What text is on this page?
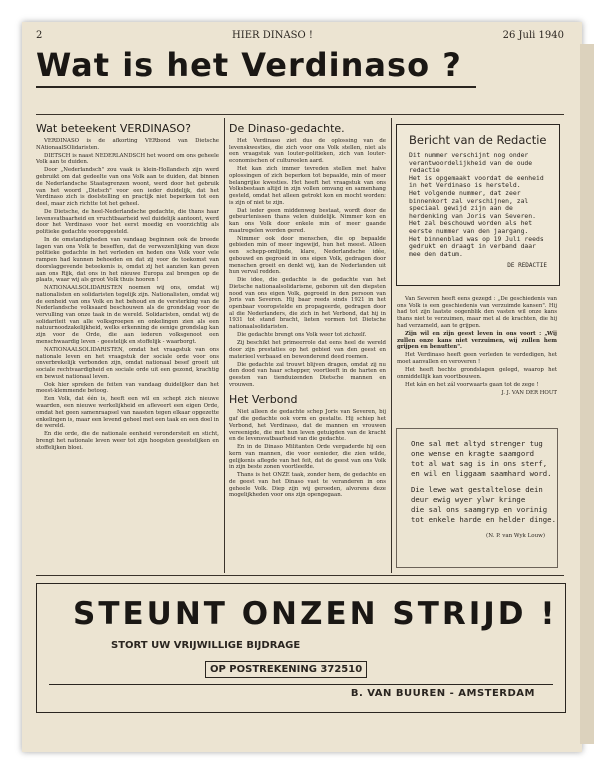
2	HIER DINASO !	26 Juli 1940
Wat is het Verdinaso ?
Wat beteekent VERDINASO?

VERDINASO is de afkorting VERbond van Dietsche NAtionaalSOlidaristen.

DIETSCH is naast NEDERLANDSCH het woord om ons geheele Volk aan te duiden.

Door „Nederlandsch" zou vaak is klein-Hollandsch zijn werd gebruikt om dat gedeelte van ons Volk aan te duiden, dat binnen de Nederlandsche Staatsgrenzen woont, werd door het gebruik van het woord „Dietsch" voor een ieder duidelijk, dat het Verdinaso zich is doelstelling en practijk niet beperken tot een deel, maar zich richtte tot het geheel.

De Dietsche, de heel-Nederlandsche gedachte, die thans haar levensvatbaarheid en vruchtbaarheid wel duidelijk aantoont, werd door het Verdinaso voor het eerst moedig en voorzichtig als politieke gedachte vooropgesteld.

In de omstandigheden van vandaag beginnen ook de breede lagen van ons Volk te beseffen, dat de verwezenlijking van deze politieke gedachte in het verleden en heden ons Volk voor vele rampen had kunnen behoeden en dat zij voor de toekomst van doorslaggevende beteekenis is, omdat zij het aanzien kan geven aan ons Rijk, dat ons in het nieuwe Europa zal brengen op de plaats, waar wij als groot Volk thuis hooren !

NATIONAALSOLIDARISTEN noemen wij ons, omdat wij nationalisten en solidaristen tegelijk zijn. Nationalisten, omdat wij de eenheid van ons Volk en het behoud en de versterking van de Nederlandsche volksaard beschouwen als de grondslag voor de vervulling van onze taak in de wereld. Solidaristen, omdat wij de solidariteit van alle volksgroepen en onkelingen zien als een natuurnoodzakelijkheid, welks erkenning de eenige grondslag kan zijn voor de Orde, die aan iederen volksgenoot een menschwaardig leven - geestelijk en stoffelijk - waarborgt.

NATIONAALSOLIDARISTEN, omdat het vraagstuk van ons nationale leven en het vraagstuk der sociale orde voor ons onverbrekelijk verbonden zijn, omdat nationaal besef groeit uit sociale rechtvaardigheid en sociale orde uit een gezond, krachtig en bewust nationaal leven.

Ook hier spreken de feiten van vandaag duidelijker dan het meest-klemmende betoog.

Een Volk, dat één is, heeft een wil en schept zich nieuwe waarden, een nieuwe werkelijkheid en afleveert een eigen Orde, omdat het geen samenraapsel van naasten tegen elkaar opgezette enkelingen is, maar een levend geheel met een taak en een doel in de wereld.

En die orde, die de nationale eenheid verondersteit en sticht, brengt het nationale leven weer tot zijn hoogsten geestelijken en stoffelijken bloei.

De Dinaso-gedachte.

Het Verdinaso ziet dus de oplossing van de levenskwesties, die zich voor ons Volk stellen, niet als een vraagstuk van louter-politieken, zich van louter-economischen of cultureelen aard.

Het kan zich immer tevreden stellen met halve oplossingen of zich beperken tot bepaalde, min of meer belangrijke kwesties. Het heeft het vraagstuk van ons Volksbestaan altijd in zijn vollen omvang en samenhang gesteld, omdat het alleen getrokt kon en mocht worden: is zijn of niet te zijn.

Dat ieder geen middenweg bestaat, wordt door de gebeurtenissen thans velen duidelijk. Nimmer kon en kan ons Volk door enkele min of meer gaande maatregelen worden gered.

Nimmer ook door menschen, die op bepaalde gebieden min of meer ingewijd, hun het meest. Alleen een schepp-omlijnde, klare, Nederlandsche idée, gebouwd en gegroeid in ons eigen Volk, gedragen door menschen groeit en denkt wij, kan de Nederlanden uit hun verval redden.

Die idee, die gedachte is de gedachte van het Dietsche nationaalsolidarisme, geboren uit den diepsten nood van ons eigen Volk, gegroeid in den persoon van Joris van Severen. Hij baar reeds sinds 1921 in het openbaar vooropstelde en propageerde, gedragen door al die Nederlanders, die zich in het Verbond, dat hij in 1931 tot stand bracht, lieten vormen tot Dietsche nationaalsolidaristen.

Die gedachte brengt ons Volk weer tot zichzelf.

Zij beschikt het primeerrole dat eens heel de wereld door zijn prestaties op het gebied van den geest en materieel verbaasd en bewonderend deed roemen.

Die gedachte zal trouwt blijven dragen, omdat zij nu den dood van haar schepper, voortleeft in de harten en geesten van tienduizenden Dietsche mannen en vrouwen.

Het Verbond

Niet alleen de gedachte schep Joris van Severen, bij gaf die gedachte ook vorm en gestalte. Hij schiep het Verbond, het Verdinaso, dat de mannen en vrouwen vereenigde, die met hun leven getuigden van de kracht en de levensvatbaarheid van die gedachte.

En in de Dinaso Militanten Orde vergaderde hij een kern van mannen, die voor eenieder, die zien wilde, gelijkenis aflegde van het feit, dat de geest van ons Volk in zijn beste zonen voortleefde.

Thans is het ONZE taak, zonder hem, de gedachte en de geest van het Dinaso vast te veranderen in ons geheele Volk. Diep zijn wij geroeden, alvorens deze mogelijkheden voor ons zijn opengegaan.

Bericht van de Redactie
Dit nummer verschijnt nog onder verantwoordelijkheid van de oude redactie
Het is opgemaakt voordat de eenheid in het Verdinaso is hersteld.
Het volgende nummer, dat zeer binnenkort zal verschijnen, zal speciaal gewijd zijn aan de herdenking van Joris van Severen.
Het zal beschouwd worden als het eerste nummer van den jaargang.
Het binnenblad was op 19 Juli reeds gedrukt en draagt in verband daar mee den datum.
DE REDACTIE

Van Severen heeft eens gezegd : „De geschiedenis van ons Volk is een geschiedenis van verzuimde kansen". Hij had tot zijn laatste oogenblik den vasten wil onze kans thans niet te verzuimen, maar met al de krachten, die hij had verzameld, aan te grijpen.

Zijn wil en zijn geest leven in ons voort : „Wij zullen onze kans niet verzuimen, wij zullen hem grijpen en benutten".

Het Verdinaso heeft geen verleden te verdedigen, het moet aanvallen en veroveren !

Het heeft hechte grondslagen gelegd, waarop het onmiddellijk kan voortbouwen.

Het kán en het zál voorwaarts gaan tot de zege !

J. J. VAN DER HOUT

One sal met altyd strenger tug
one wense en kragte saamgord
tot al wat sag is in ons sterf,
en wil en liggaam saamhard word.
Die lewe wat gestaltelose dein
deur ewig wyer ylwr kringe
die sal ons saamgryp en vorinig
tot enkele harde en helder dinge.
(N. P. van Wyk Louw)
STEUNT ONZEN STRIJD !
STORT UW VRIJWILLIGE BIJDRAGE
OP POSTREKENING 372510
B. VAN BUUREN - AMSTERDAM
